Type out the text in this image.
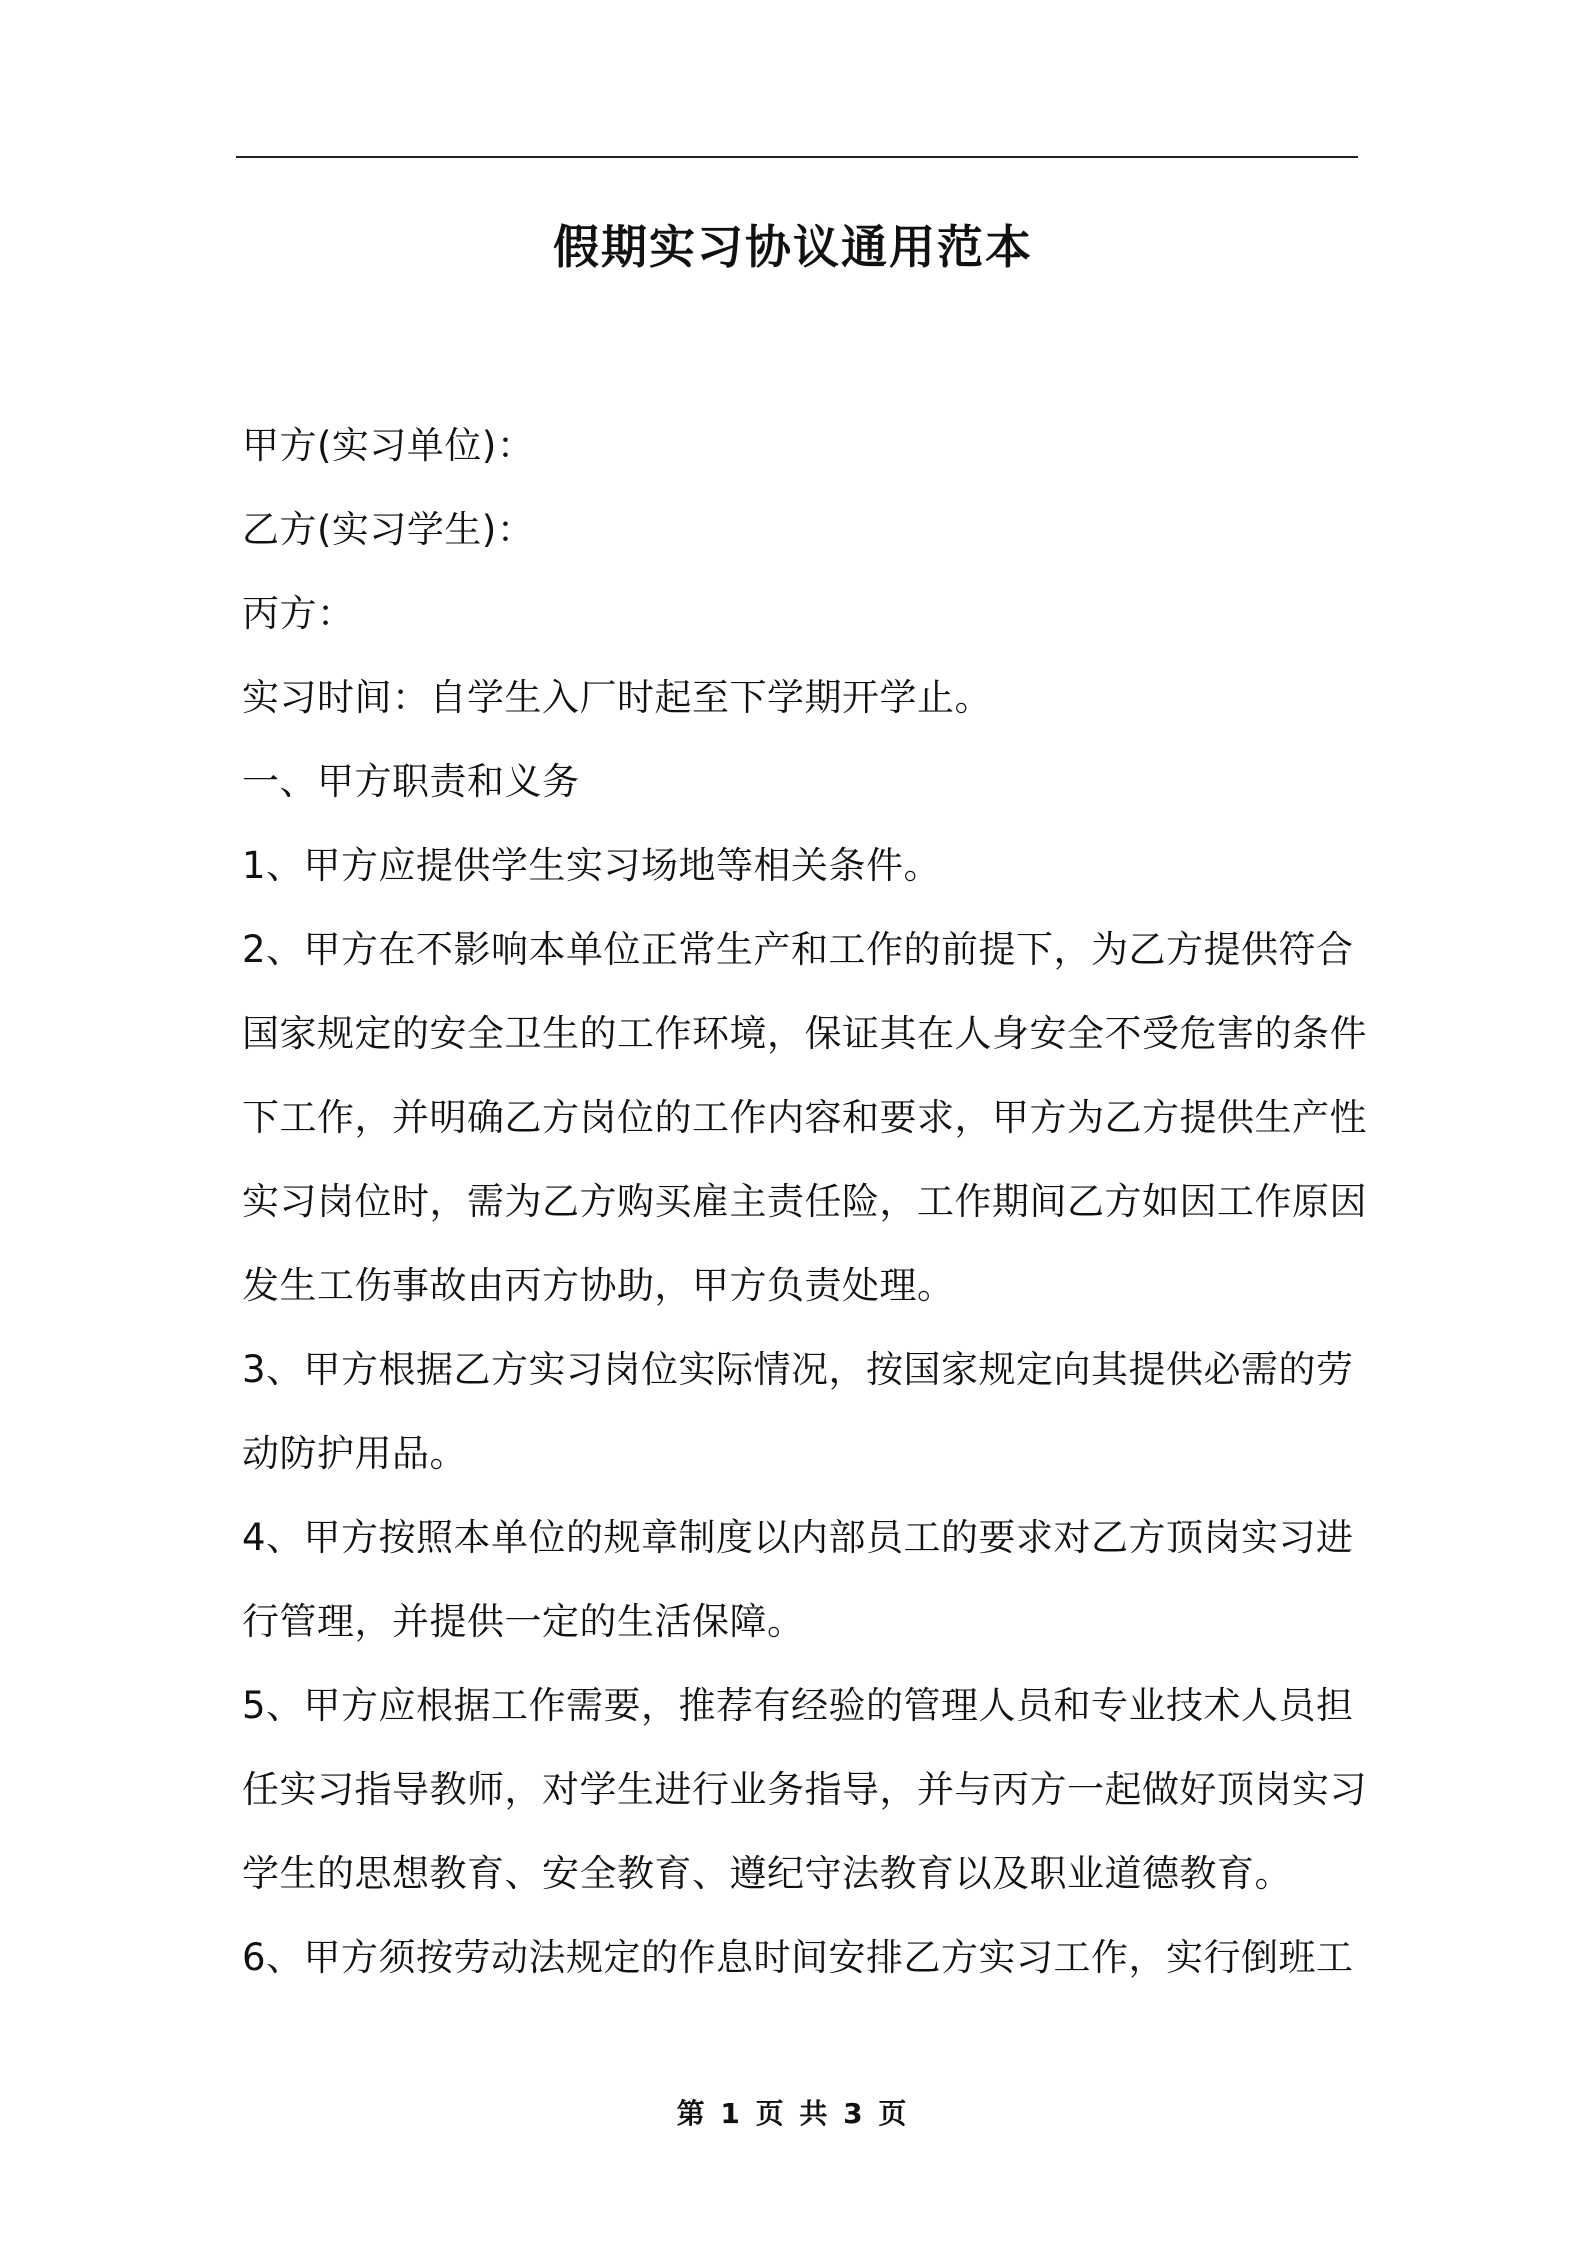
假期实习协议通用范本
甲方(实习单位)：
乙方(实习学生)：
丙方：
实习时间：自学生入厂时起至下学期开学止。
一、甲方职责和义务
1、甲方应提供学生实习场地等相关条件。
2、甲方在不影响本单位正常生产和工作的前提下，为乙方提供符合
国家规定的安全卫生的工作环境，保证其在人身安全不受危害的条件
下工作，并明确乙方岗位的工作内容和要求，甲方为乙方提供生产性
实习岗位时，需为乙方购买雇主责任险，工作期间乙方如因工作原因
发生工伤事故由丙方协助，甲方负责处理。
3、甲方根据乙方实习岗位实际情况，按国家规定向其提供必需的劳
动防护用品。
4、甲方按照本单位的规章制度以内部员工的要求对乙方顶岗实习进
行管理，并提供一定的生活保障。
5、甲方应根据工作需要，推荐有经验的管理人员和专业技术人员担
任实习指导教师，对学生进行业务指导，并与丙方一起做好顶岗实习
学生的思想教育、安全教育、遵纪守法教育以及职业道德教育。
6、甲方须按劳动法规定的作息时间安排乙方实习工作，实行倒班工
第 1 页 共 3 页
